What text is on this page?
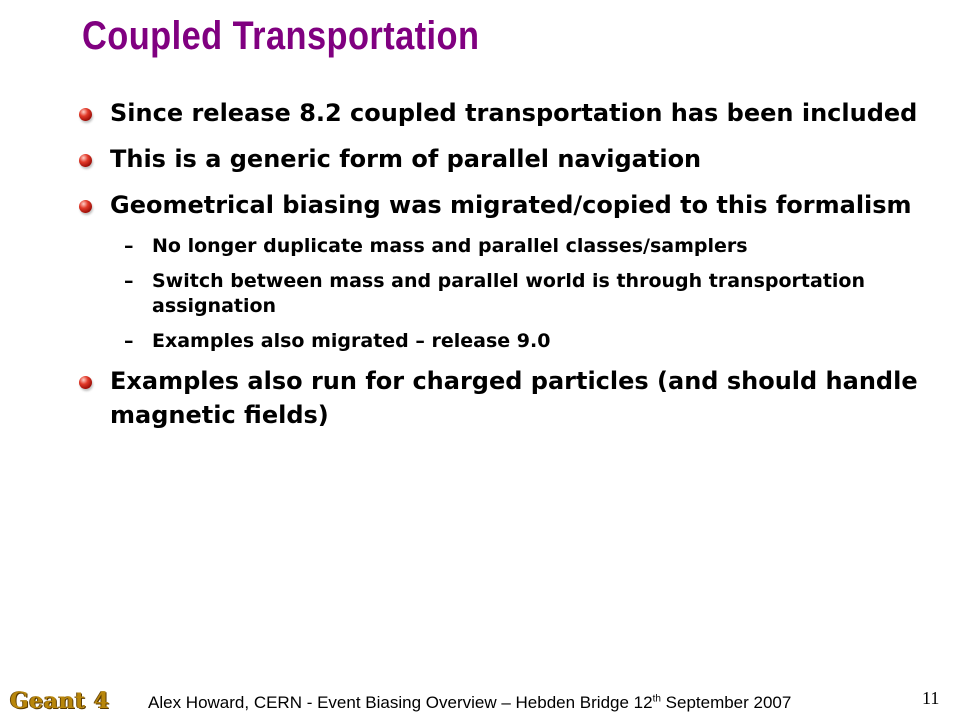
Coupled Transportation
Since release 8.2 coupled transportation has been included
This is a generic form of parallel navigation
Geometrical biasing was migrated/copied to this formalism
– No longer duplicate mass and parallel classes/samplers
– Switch between mass and parallel world is through transportation assignation
– Examples also migrated – release 9.0
Examples also run for charged particles (and should handle magnetic fields)
Geant 4 Alex Howard, CERN - Event Biasing Overview – Hebden Bridge 12th September 2007	11
